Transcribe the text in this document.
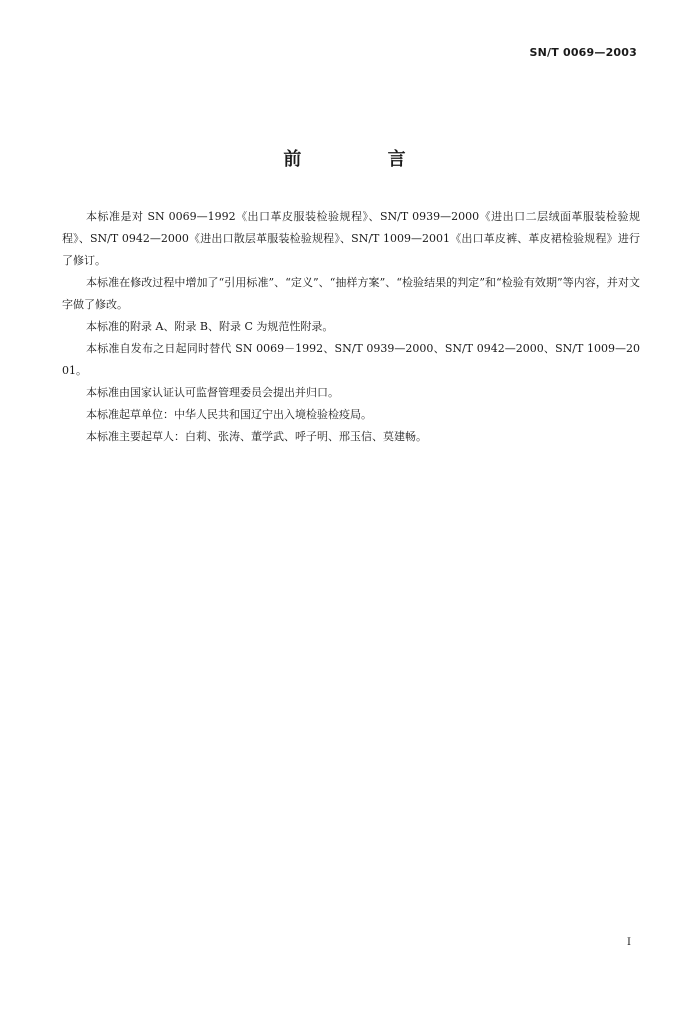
SN/T 0069—2003
前 言

本标准是对 SN 0069—1992《出口革皮服装检验规程》、SN/T 0939—2000《进出口二层绒面革服装检验规程》、SN/T 0942—2000《进出口散层革服装检验规程》、SN/T 1009—2001《出口革皮裤、革皮裙检验规程》进行了修订。

本标准在修改过程中增加了“引用标准”、“定义”、“抽样方案”、“检验结果的判定”和“检验有效期”等内容，并对文字做了修改。

本标准的附录 A、附录 B、附录 C 为规范性附录。

本标准自发布之日起同时替代 SN 0069－1992、SN/T 0939—2000、SN/T 0942—2000、SN/T 1009—2001。

本标准由国家认证认可监督管理委员会提出并归口。

本标准起草单位：中华人民共和国辽宁出入境检验检疫局。

本标准主要起草人：白莉、张涛、董学武、呼子明、邢玉信、莫建畅。

I
